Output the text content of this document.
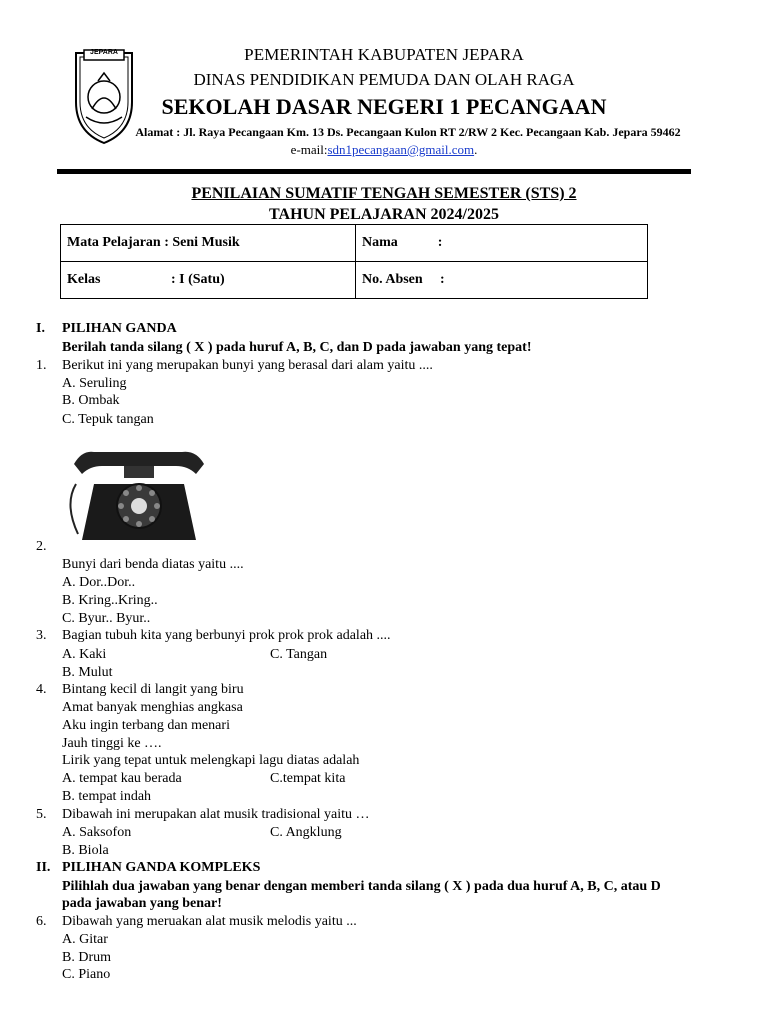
JEPARA	PEMERINTAH KABUPATEN JEPARA
DINAS PENDIDIKAN PEMUDA DAN OLAH RAGA
SEKOLAH DASAR NEGERI 1 PECANGAAN
Alamat : Jl. Raya Pecangaan Km. 13 Ds. Pecangaan Kulon RT 2/RW 2 Kec. Pecangaan Kab. Jepara 59462
e-mail:sdn1pecangaan@gmail.com.
PENILAIAN SUMATIF TENGAH SEMESTER (STS) 2
TAHUN PELAJARAN 2024/2025
Mata Pelajaran : Seni Musik	Nama :
Kelas : I (Satu)	No. Absen :
I. PILIHAN GANDA
Berilah tanda silang ( X ) pada huruf A, B, C, dan D pada jawaban yang tepat!
1. Berikut ini yang merupakan bunyi yang berasal dari alam yaitu ....
A. Seruling
B. Ombak
C. Tepuk tangan
2.
Bunyi dari benda diatas yaitu ....
A. Dor..Dor..
B. Kring..Kring..
C. Byur.. Byur..
3. Bagian tubuh kita yang berbunyi prok prok prok adalah ....
A. Kaki	C. Tangan
B. Mulut
4. Bintang kecil di langit yang biru
Amat banyak menghias angkasa
Aku ingin terbang dan menari
Jauh tinggi ke ….
Lirik yang tepat untuk melengkapi lagu diatas adalah
A. tempat kau berada	C.tempat kita
B. tempat indah
5. Dibawah ini merupakan alat musik tradisional yaitu …
A. Saksofon	C. Angklung
B. Biola
II. PILIHAN GANDA KOMPLEKS
Pilihlah dua jawaban yang benar dengan memberi tanda silang ( X ) pada dua huruf A, B, C, atau D
pada jawaban yang benar!
6. Dibawah yang meruakan alat musik melodis yaitu ...
A. Gitar
B. Drum
C. Piano
